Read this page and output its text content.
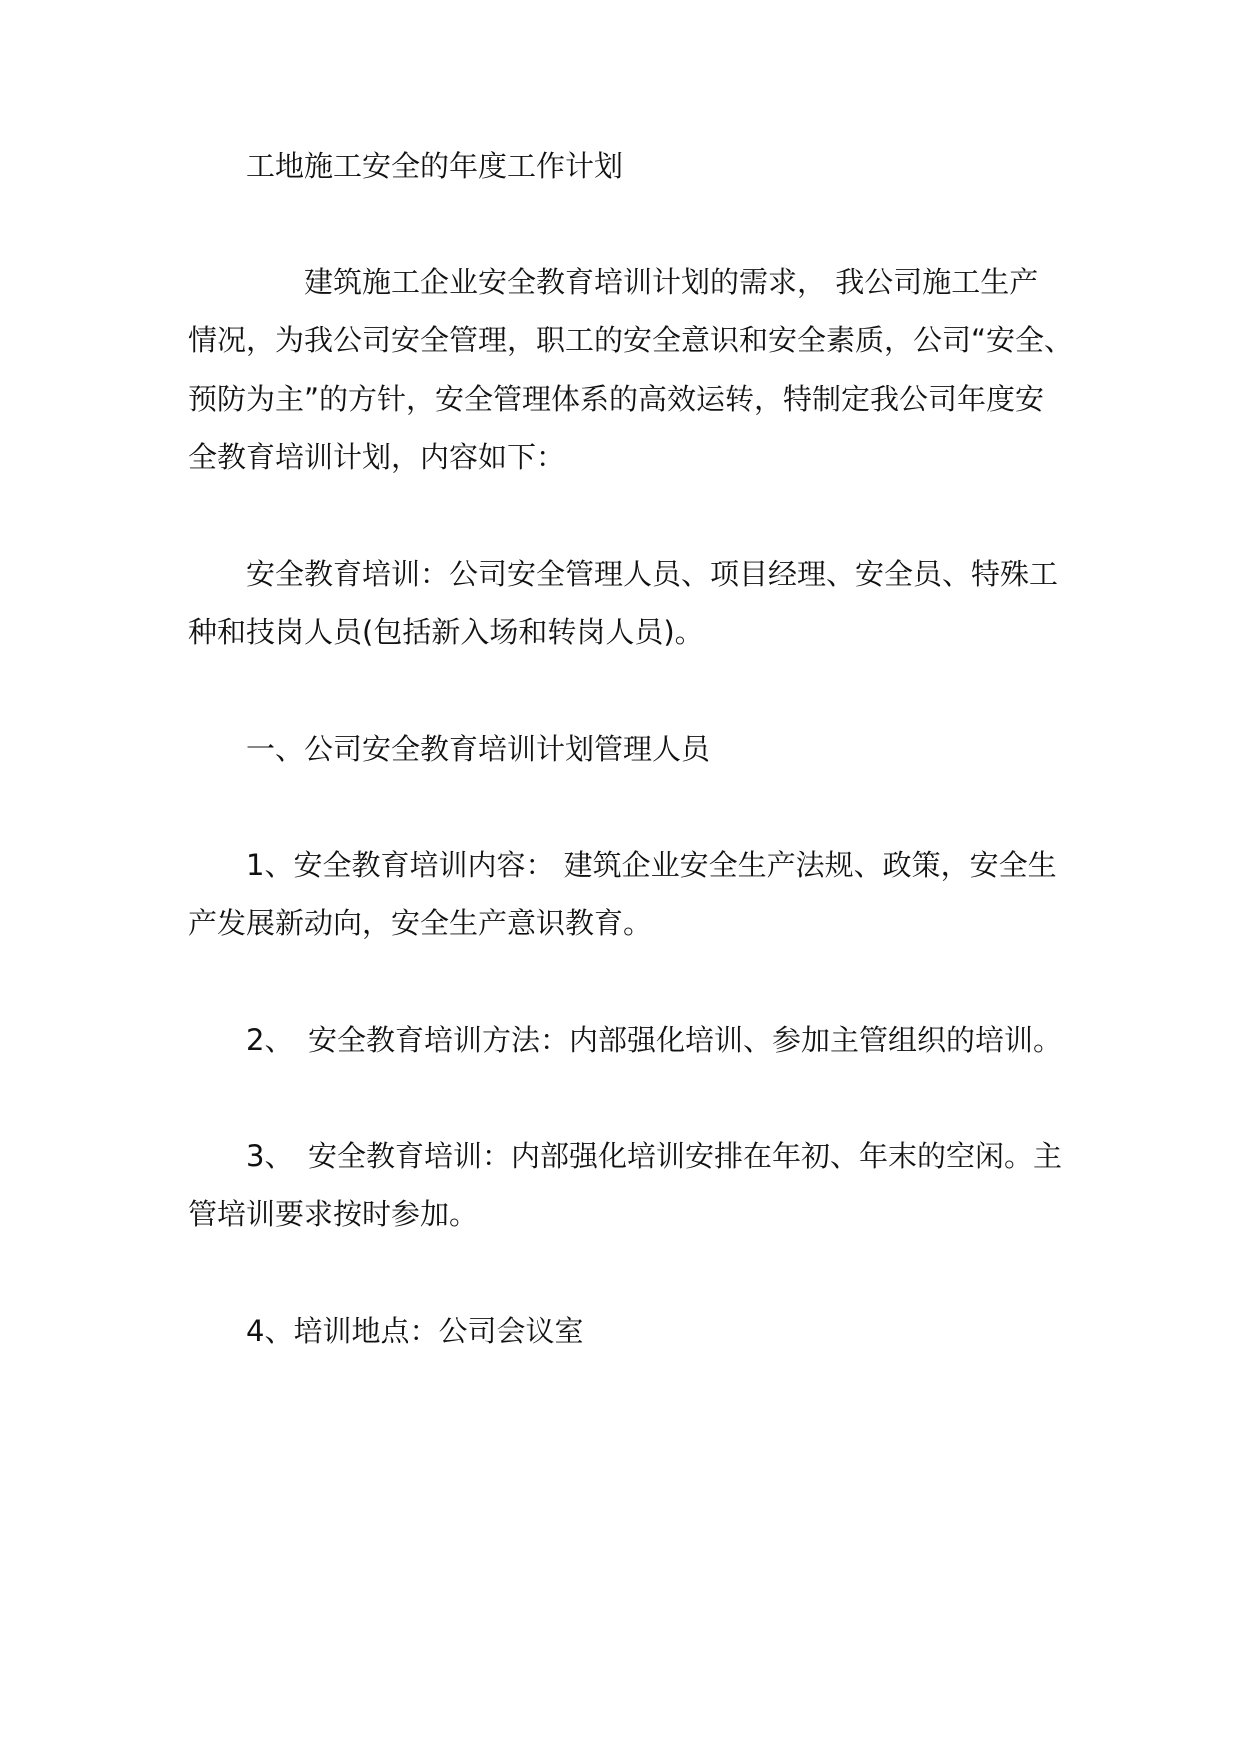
工地施工安全的年度工作计划
建筑施工企业安全教育培训计划的需求， 我公司施工生产
情况，为我公司安全管理，职工的安全意识和安全素质，公司“安全、
预防为主”的方针，安全管理体系的高效运转，特制定我公司年度安
全教育培训计划，内容如下：
安全教育培训：公司安全管理人员、项目经理、安全员、特殊工
种和技岗人员(包括新入场和转岗人员)。
一、公司安全教育培训计划管理人员
1、安全教育培训内容： 建筑企业安全生产法规、政策，安全生
产发展新动向，安全生产意识教育。
2、　安全教育培训方法：内部强化培训、参加主管组织的培训。
3、　安全教育培训：内部强化培训安排在年初、年末的空闲。主
管培训要求按时参加。
4、培训地点：公司会议室
